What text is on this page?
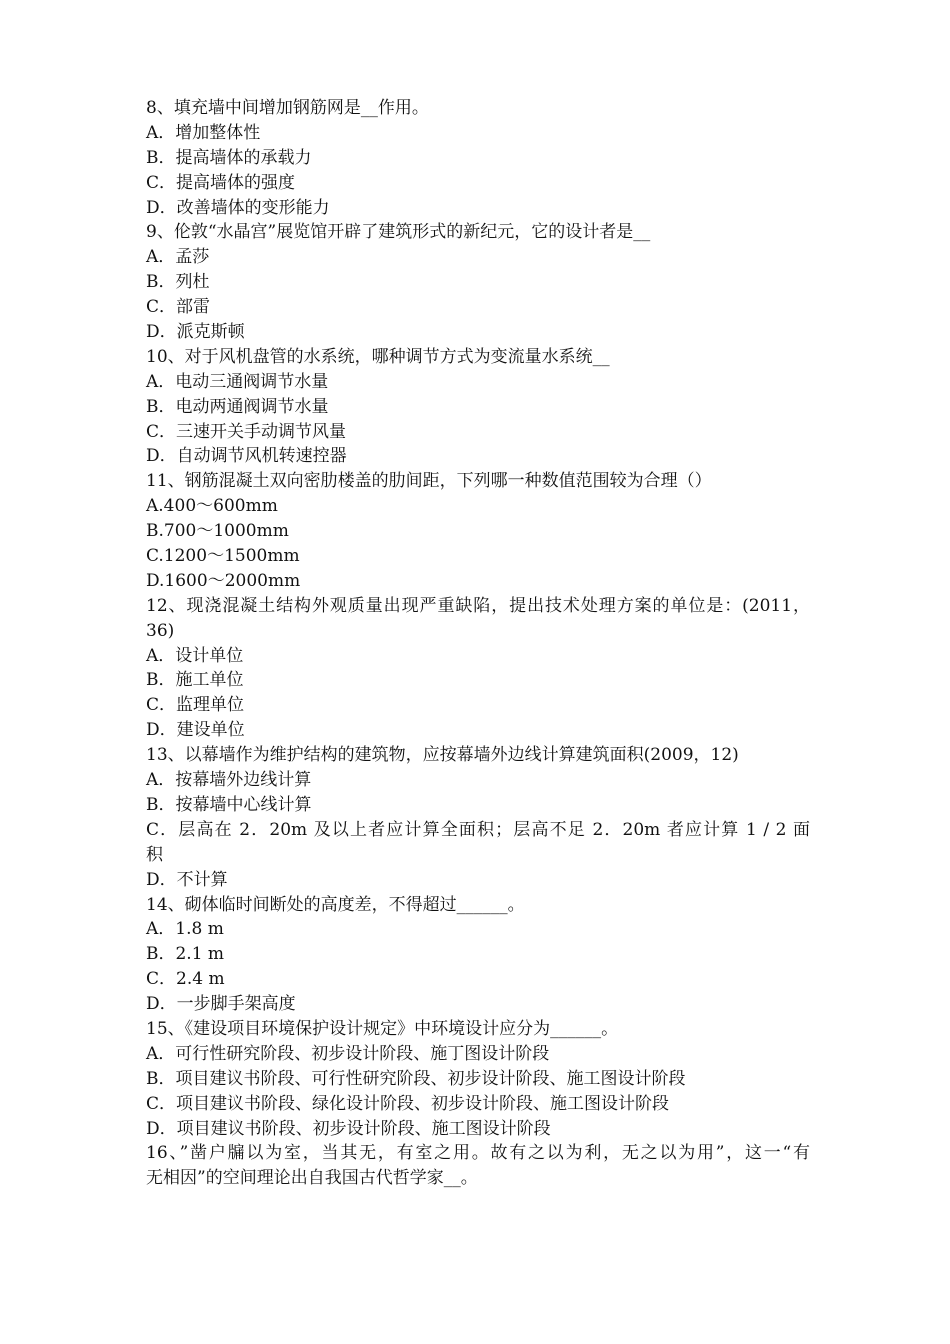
8、填充墙中间增加钢筋网是__作用。
A．增加整体性
B．提高墙体的承载力
C．提高墙体的强度
D．改善墙体的变形能力
9、伦敦“水晶宫”展览馆开辟了建筑形式的新纪元，它的设计者是__
A．孟莎
B．列杜
C．部雷
D．派克斯顿
10、对于风机盘管的水系统，哪种调节方式为变流量水系统__
A．电动三通阀调节水量
B．电动两通阀调节水量
C．三速开关手动调节风量
D．自动调节风机转速控器
11、钢筋混凝土双向密肋楼盖的肋间距，下列哪一种数值范围较为合理（）
A.400～600mm
B.700～1000mm
C.1200～1500mm
D.1600～2000mm
12、现浇混凝土结构外观质量出现严重缺陷，提出技术处理方案的单位是：(2011，
36)
A．设计单位
B．施工单位
C．监理单位
D．建设单位
13、以幕墙作为维护结构的建筑物，应按幕墙外边线计算建筑面积(2009，12)
A．按幕墙外边线计算
B．按幕墙中心线计算
C．层高在 2．20m 及以上者应计算全面积；层高不足 2．20m 者应计算 1 / 2 面
积
D．不计算
14、砌体临时间断处的高度差，不得超过______。
A．1.8 m
B．2.1 m
C．2.4 m
D．一步脚手架高度
15、《建设项目环境保护设计规定》中环境设计应分为______。
A．可行性研究阶段、初步设计阶段、施丁图设计阶段
B．项目建议书阶段、可行性研究阶段、初步设计阶段、施工图设计阶段
C．项目建议书阶段、绿化设计阶段、初步设计阶段、施工图设计阶段
D．项目建议书阶段、初步设计阶段、施工图设计阶段
16、”凿户牖以为室，当其无，有室之用。故有之以为利，无之以为用”，这一“有
无相因”的空间理论出自我国古代哲学家__。
